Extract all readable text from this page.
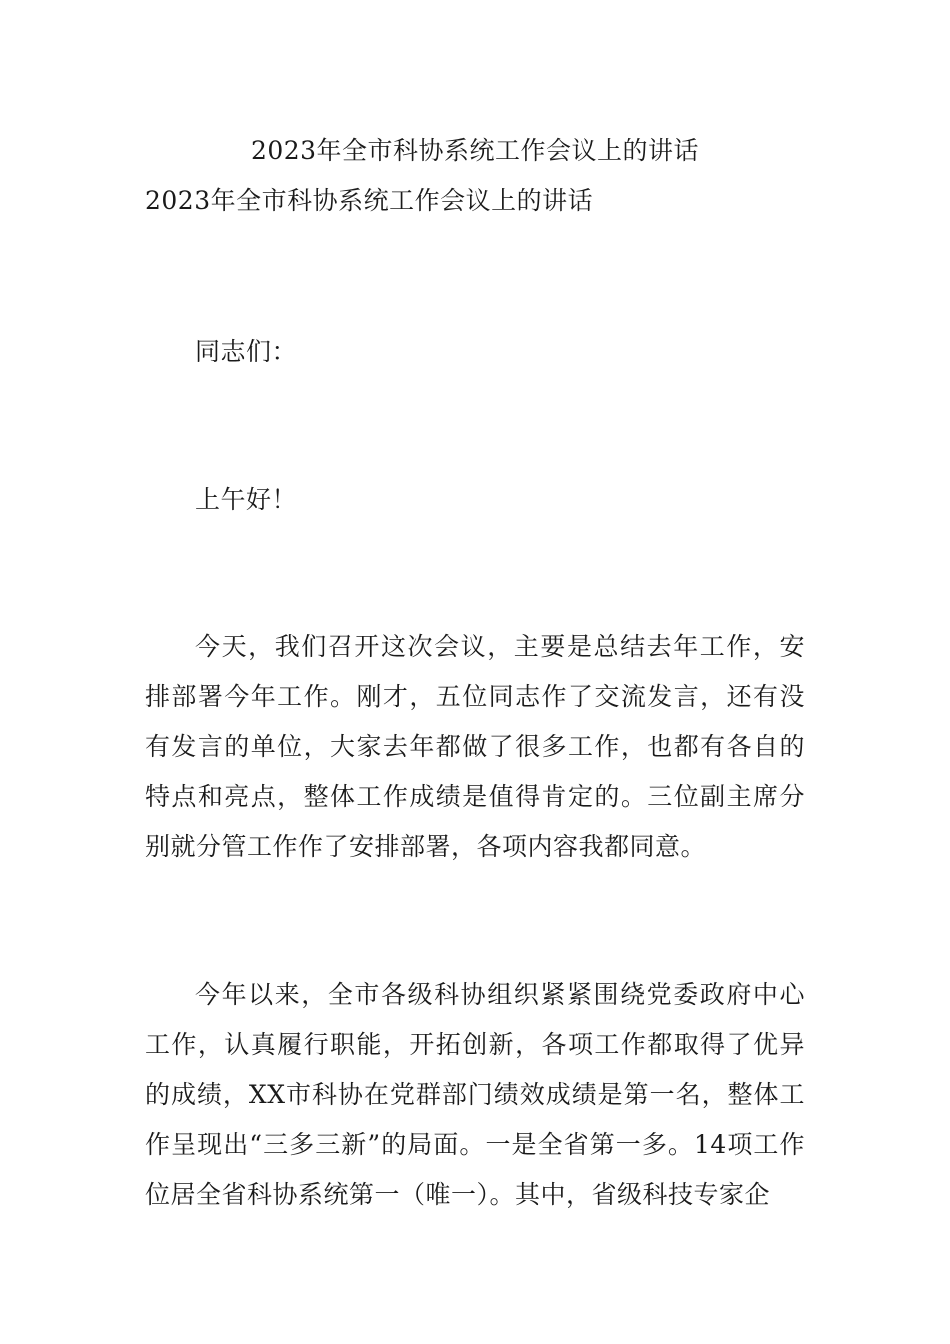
2023年全市科协系统工作会议上的讲话
2023年全市科协系统工作会议上的讲话

同志们：

上午好！

今天，我们召开这次会议，主要是总结去年工作，安排部署今年工作。刚才，五位同志作了交流发言，还有没有发言的单位，大家去年都做了很多工作，也都有各自的特点和亮点，整体工作成绩是值得肯定的。三位副主席分别就分管工作作了安排部署，各项内容我都同意。

今年以来，全市各级科协组织紧紧围绕党委政府中心工作，认真履行职能，开拓创新，各项工作都取得了优异的成绩，XX市科协在党群部门绩效成绩是第一名，整体工作呈现出“三多三新”的局面。一是全省第一多。14项工作位居全省科协系统第一（唯一）。其中，省级科技专家企
